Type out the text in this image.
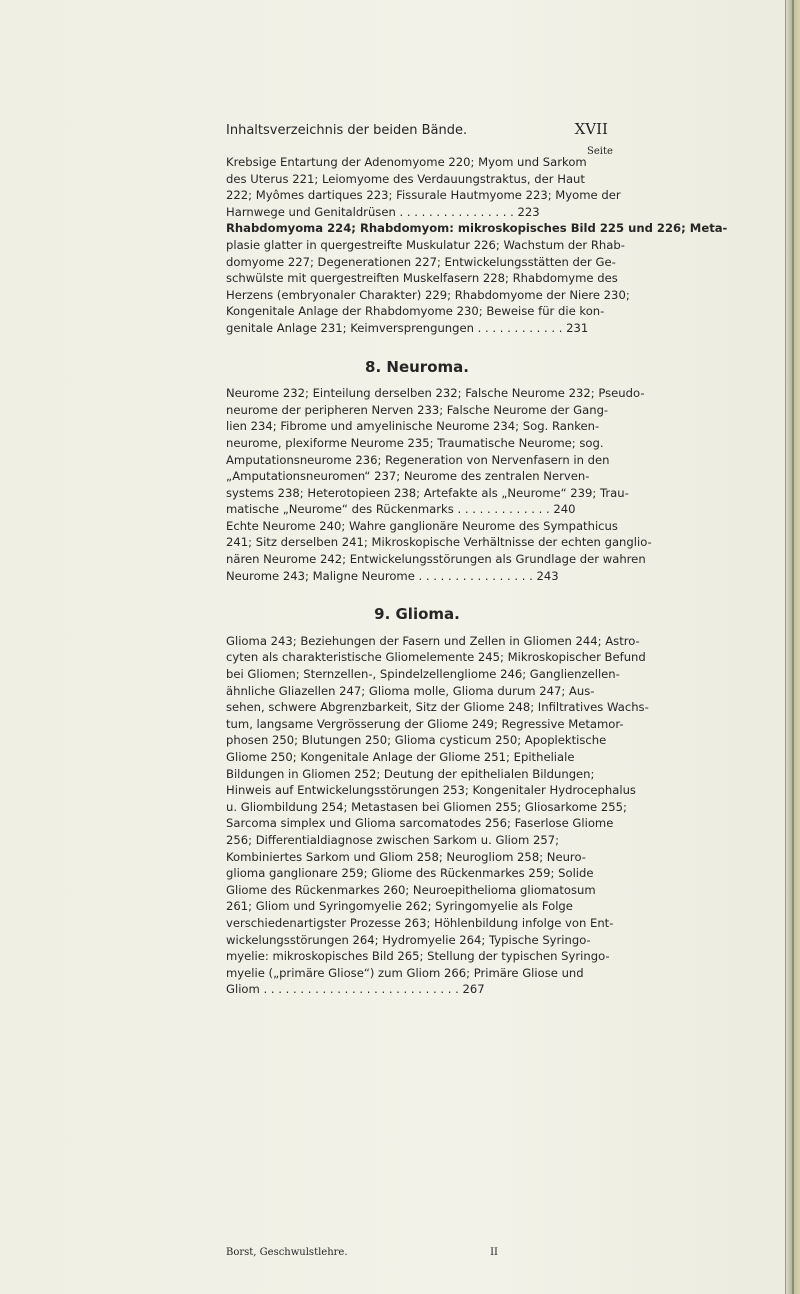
Inhaltsverzeichnis der beiden Bände.	XVII
Seite
Krebsige Entartung der Adenomyome 220; Myom und Sarkom
des Uterus 221; Leiomyome des Verdauungstraktus, der Haut
222; Myômes dartiques 223; Fissurale Hautmyome 223; Myome der
Harnwege und Genitaldrüsen . . . . . . . . . . . . . . . . 223
Rhabdomyoma 224; Rhabdomyom: mikroskopisches Bild 225 und 226; Meta-
plasie glatter in quergestreifte Muskulatur 226; Wachstum der Rhab-
domyome 227; Degenerationen 227; Entwickelungsstätten der Ge-
schwülste mit quergestreiften Muskelfasern 228; Rhabdomyme des
Herzens (embryonaler Charakter) 229; Rhabdomyome der Niere 230;
Kongenitale Anlage der Rhabdomyome 230; Beweise für die kon-
genitale Anlage 231; Keimversprengungen . . . . . . . . . . . . 231
8. Neuroma.
Neurome 232; Einteilung derselben 232; Falsche Neurome 232; Pseudo-
neurome der peripheren Nerven 233; Falsche Neurome der Gang-
lien 234; Fibrome und amyelinische Neurome 234; Sog. Ranken-
neurome, plexiforme Neurome 235; Traumatische Neurome; sog.
Amputationsneurome 236; Regeneration von Nervenfasern in den
„Amputationsneuromen“ 237; Neurome des zentralen Nerven-
systems 238; Heterotopieen 238; Artefakte als „Neurome“ 239; Trau-
matische „Neurome“ des Rückenmarks . . . . . . . . . . . . . 240
Echte Neurome 240; Wahre ganglionäre Neurome des Sympathicus
241; Sitz derselben 241; Mikroskopische Verhältnisse der echten ganglio-
nären Neurome 242; Entwickelungsstörungen als Grundlage der wahren
Neurome 243; Maligne Neurome . . . . . . . . . . . . . . . . 243
9. Glioma.
Glioma 243; Beziehungen der Fasern und Zellen in Gliomen 244; Astro-
cyten als charakteristische Gliomelemente 245; Mikroskopischer Befund
bei Gliomen; Sternzellen-, Spindelzellengliome 246; Ganglienzellen-
ähnliche Gliazellen 247; Glioma molle, Glioma durum 247; Aus-
sehen, schwere Abgrenzbarkeit, Sitz der Gliome 248; Infiltratives Wachs-
tum, langsame Vergrösserung der Gliome 249; Regressive Metamor-
phosen 250; Blutungen 250; Glioma cysticum 250; Apoplektische
Gliome 250; Kongenitale Anlage der Gliome 251; Epitheliale
Bildungen in Gliomen 252; Deutung der epithelialen Bildungen;
Hinweis auf Entwickelungsstörungen 253; Kongenitaler Hydrocephalus
u. Gliombildung 254; Metastasen bei Gliomen 255; Gliosarkome 255;
Sarcoma simplex und Glioma sarcomatodes 256; Faserlose Gliome
256; Differentialdiagnose zwischen Sarkom u. Gliom 257;
Kombiniertes Sarkom und Gliom 258; Neurogliom 258; Neuro-
glioma ganglionare 259; Gliome des Rückenmarkes 259; Solide
Gliome des Rückenmarkes 260; Neuroepithelioma gliomatosum
261; Gliom und Syringomyelie 262; Syringomyelie als Folge
verschiedenartigster Prozesse 263; Höhlenbildung infolge von Ent-
wickelungsstörungen 264; Hydromyelie 264; Typische Syringo-
myelie: mikroskopisches Bild 265; Stellung der typischen Syringo-
myelie („primäre Gliose“) zum Gliom 266; Primäre Gliose und
Gliom . . . . . . . . . . . . . . . . . . . . . . . . . . . 267
Borst, Geschwulstlehre.	II
